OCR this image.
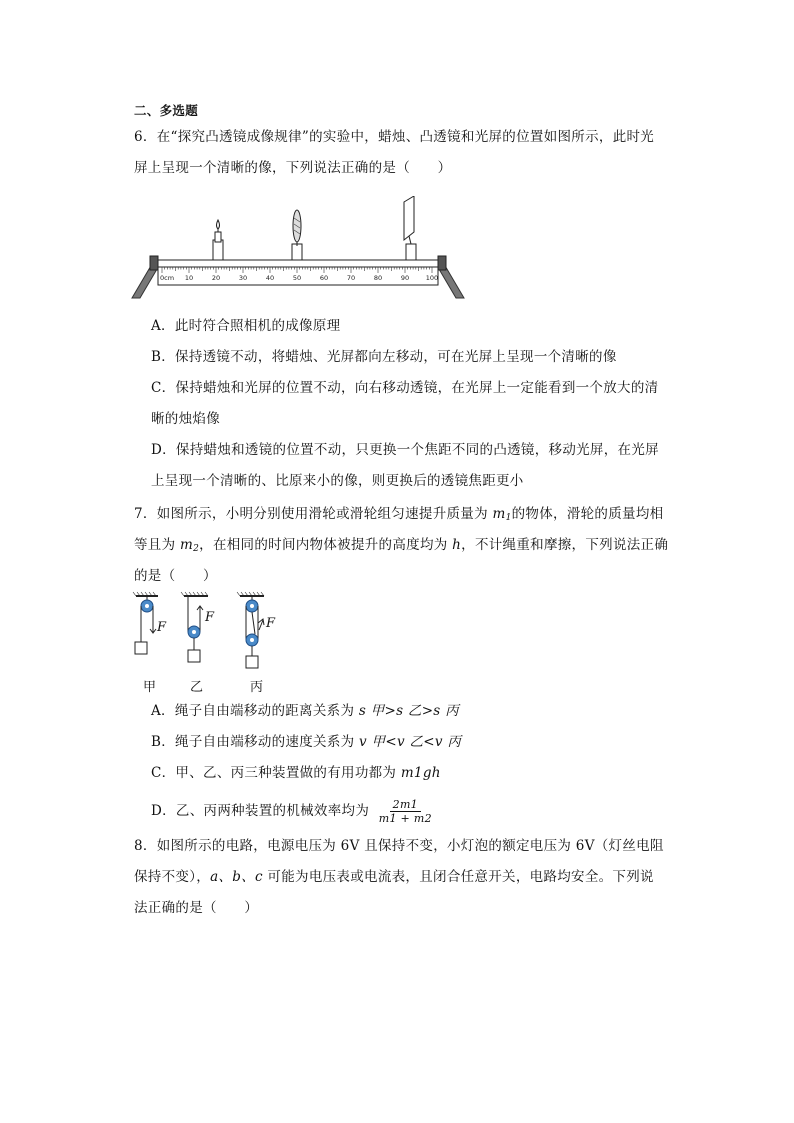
二、多选题
6．在“探究凸透镜成像规律”的实验中，蜡烛、凸透镜和光屏的位置如图所示，此时光
屏上呈现一个清晰的像，下列说法正确的是（　　）
0cm 10	20	30	40	50	60	70	80	90	100
A．此时符合照相机的成像原理
B．保持透镜不动，将蜡烛、光屏都向左移动，可在光屏上呈现一个清晰的像
C．保持蜡烛和光屏的位置不动，向右移动透镜，在光屏上一定能看到一个放大的清
晰的烛焰像
D．保持蜡烛和透镜的位置不动，只更换一个焦距不同的凸透镜，移动光屏，在光屏
上呈现一个清晰的、比原来小的像，则更换后的透镜焦距更小
7．如图所示，小明分别使用滑轮或滑轮组匀速提升质量为 $m_1$的物体，滑轮的质量均相
等且为 $m_2$，在相同的时间内物体被提升的高度均为 h，不计绳重和摩擦，下列说法正确
的是（　　）
F
F	F
甲	乙	丙
A．绳子自由端移动的距离关系为 s 甲>s 乙>s 丙
B．绳子自由端移动的速度关系为 v 甲<v 乙<v 丙
C．甲、乙、丙三种装置做的有用功都为 m1gh
D．乙、丙两种装置的机械效率均为 $\frac{2m1}{m1 + m2}$
8．如图所示的电路，电源电压为 6V 且保持不变，小灯泡的额定电压为 6V（灯丝电阻
保持不变），a、b、c 可能为电压表或电流表，且闭合任意开关，电路均安全。下列说
法正确的是（　　）
